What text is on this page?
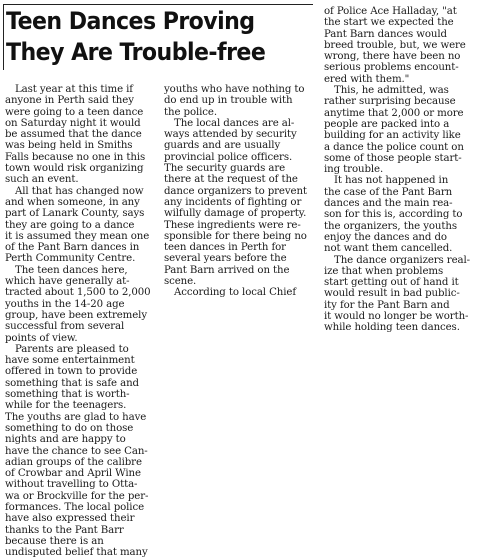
Teen Dances Proving
They Are Trouble-free
Last year at this time if
anyone in Perth said they
were going to a teen dance
on Saturday night it would
be assumed that the dance
was being held in Smiths
Falls because no one in this
town would risk organizing
such an event.
All that has changed now
and when someone, in any
part of Lanark County, says
they are going to a dance
it is assumed they mean one
of the Pant Barn dances in
Perth Community Centre.
The teen dances here,
which have generally at-
tracted about 1,500 to 2,000
youths in the 14-20 age
group, have been extremely
successful from several
points of view.
Parents are pleased to
have some entertainment
offered in town to provide
something that is safe and
something that is worth-
while for the teenagers.
The youths are glad to have
something to do on those
nights and are happy to
have the chance to see Can-
adian groups of the calibre
of Crowbar and April Wine
without travelling to Otta-
wa or Brockville for the per-
formances. The local police
have also expressed their
thanks to the Pant Barr
because there is an
undisputed belief that many
youths who have nothing to
do end up in trouble with
the police.
The local dances are al-
ways attended by security
guards and are usually
provincial police officers.
The security guards are
there at the request of the
dance organizers to prevent
any incidents of fighting or
wilfully damage of property.
These ingredients were re-
sponsible for there being no
teen dances in Perth for
several years before the
Pant Barn arrived on the
scene.
According to local Chief
of Police Ace Halladay, "at
the start we expected the
Pant Barn dances would
breed trouble, but, we were
wrong, there have been no
serious problems encount-
ered with them."
This, he admitted, was
rather surprising because
anytime that 2,000 or more
people are packed into a
building for an activity like
a dance the police count on
some of those people start-
ing trouble.
It has not happened in
the case of the Pant Barn
dances and the main rea-
son for this is, according to
the organizers, the youths
enjoy the dances and do
not want them cancelled.
The dance organizers real-
ize that when problems
start getting out of hand it
would result in bad public-
ity for the Pant Barn and
it would no longer be worth-
while holding teen dances.
